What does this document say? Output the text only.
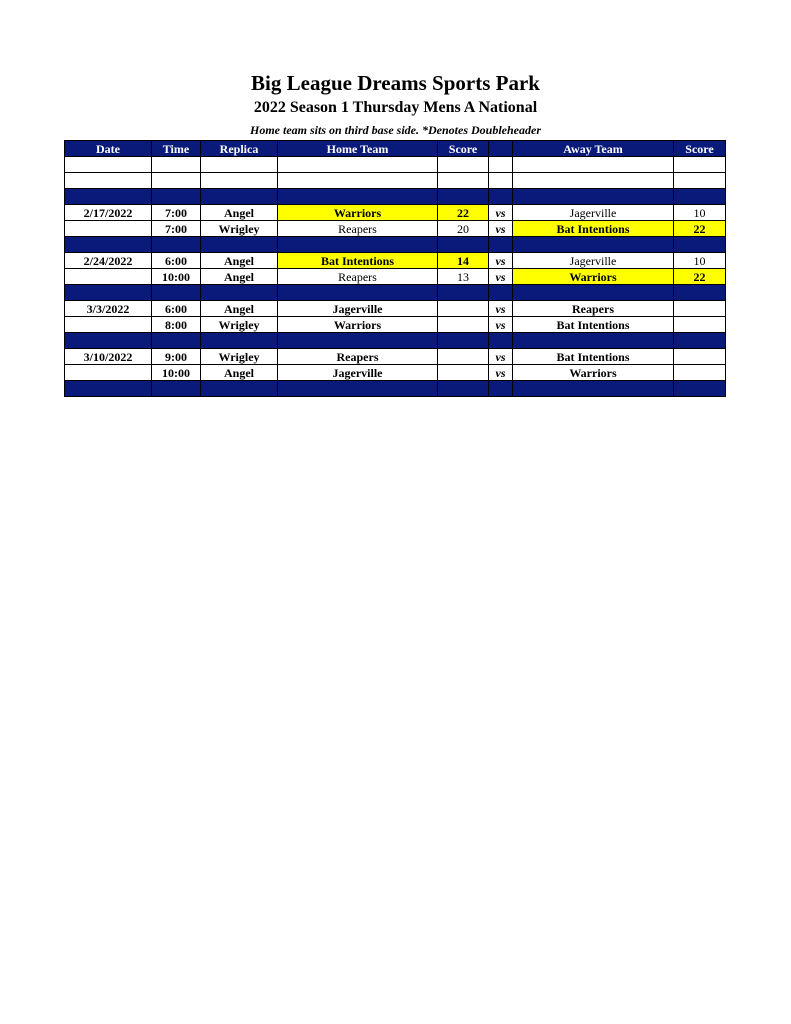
Big League Dreams Sports Park
2022 Season 1 Thursday Mens A National
Home team sits on third base side. *Denotes Doubleheader
Date	Time	Replica	Home Team	Score		Away Team	Score

2/17/2022	7:00	Angel	Warriors	22	vs	Jagerville	10
	7:00	Wrigley	Reapers	20	vs	Bat Intentions	22

2/24/2022	6:00	Angel	Bat Intentions	14	vs	Jagerville	10
	10:00	Angel	Reapers	13	vs	Warriors	22

3/3/2022	6:00	Angel	Jagerville		vs	Reapers	
	8:00	Wrigley	Warriors		vs	Bat Intentions	

3/10/2022	9:00	Wrigley	Reapers		vs	Bat Intentions	
	10:00	Angel	Jagerville		vs	Warriors	
